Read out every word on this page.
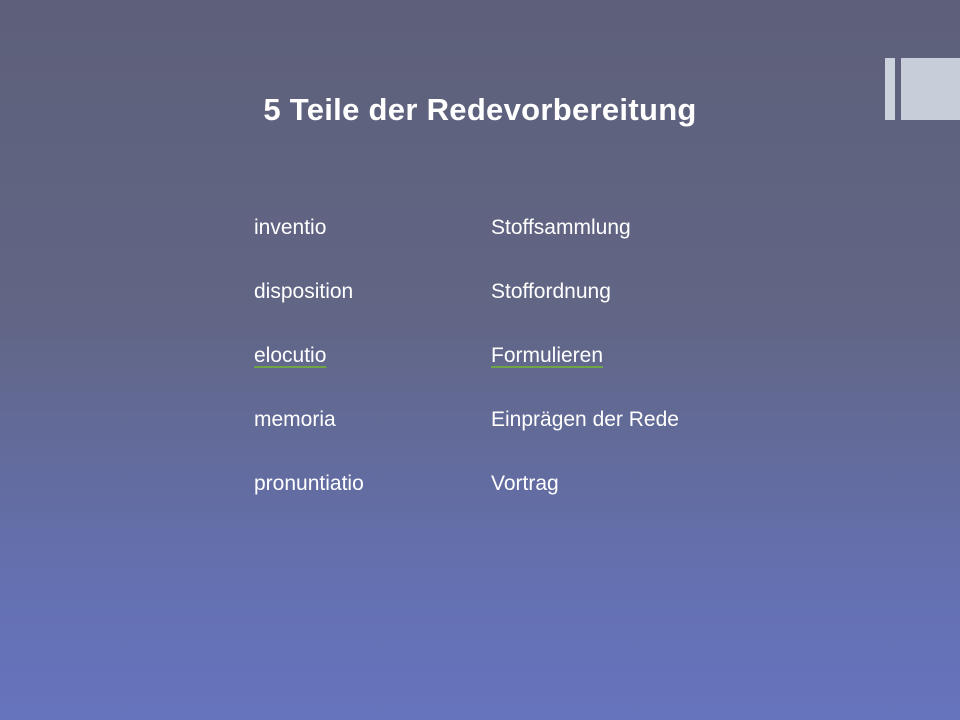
5 Teile der Redevorbereitung
inventio	Stoffsammlung
disposition	Stoffordnung
elocutio	Formulieren
memoria	Einprägen der Rede
pronuntiatio	Vortrag
